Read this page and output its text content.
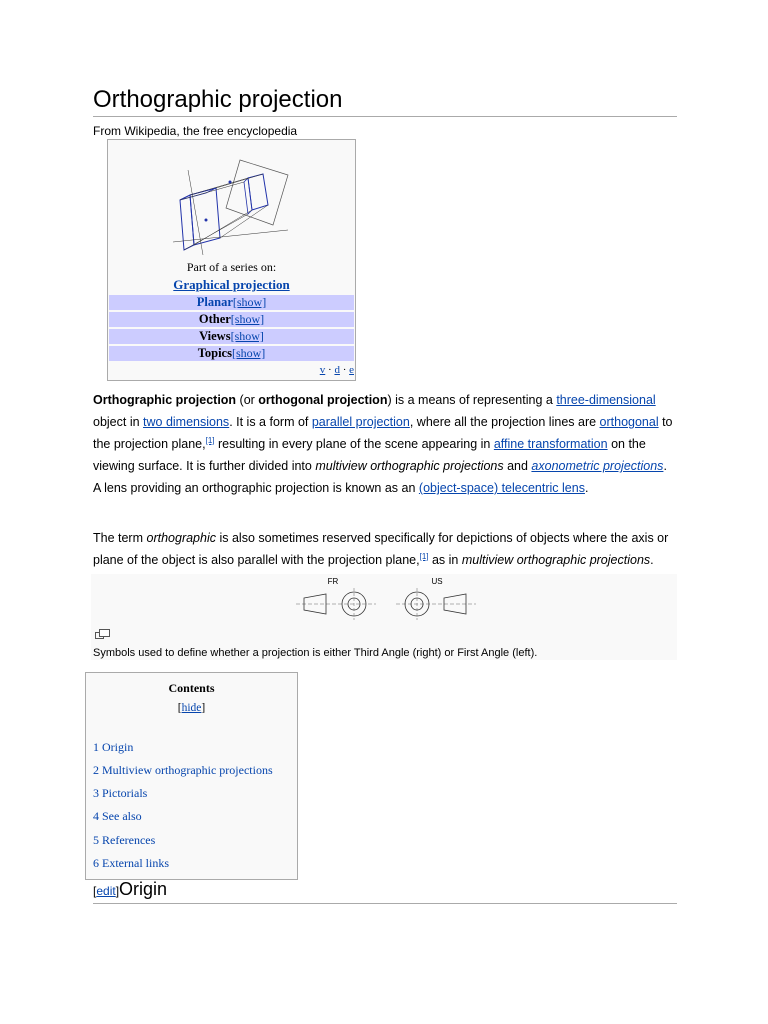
Orthographic projection
From Wikipedia, the free encyclopedia
Part of a series on:
Graphical projection
Planar[show]
Other[show]
Views[show]
Topics[show]
v · d · e
Orthographic projection (or orthogonal projection) is a means of representing a three-dimensional object in two dimensions. It is a form of parallel projection, where all the projection lines are orthogonal to the projection plane,[1] resulting in every plane of the scene appearing in affine transformation on the viewing surface. It is further divided into multiview orthographic projections and axonometric projections. A lens providing an orthographic projection is known as an (object-space) telecentric lens.
The term orthographic is also sometimes reserved specifically for depictions of objects where the axis or plane of the object is also parallel with the projection plane,[1] as in multiview orthographic projections.
FR	US
Symbols used to define whether a projection is either Third Angle (right) or First Angle (left).
Contents
[hide]
1 Origin
2 Multiview orthographic projections
3 Pictorials
4 See also
5 References
6 External links
[edit]Origin
